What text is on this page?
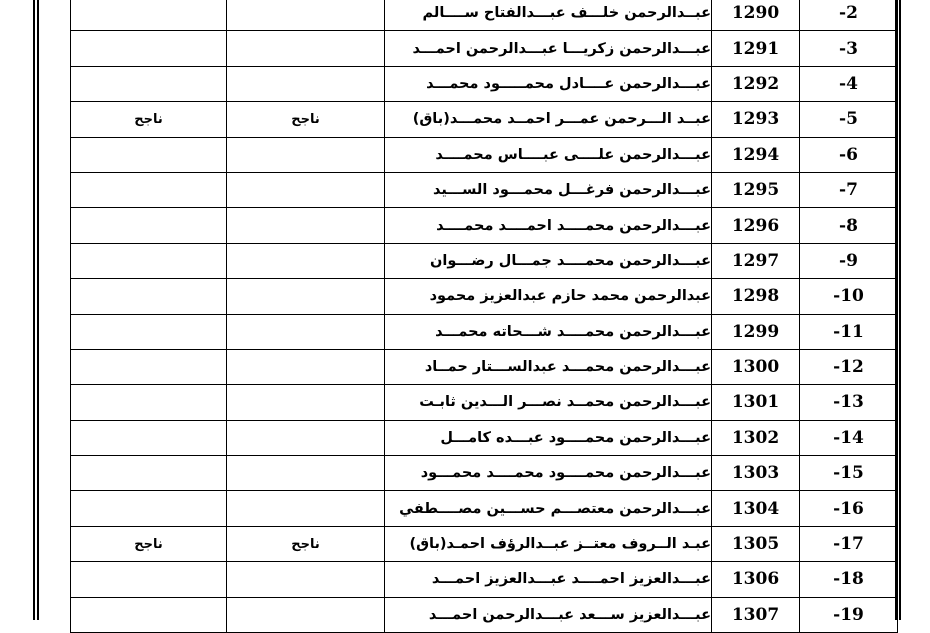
		عبــدالرحمن خلـــف عبـــدالفتاح ســــالم	1290	-2
		عبـــدالرحمن زكريـــا عبـــدالرحمن احمـــد	1291	-3
		عبـــدالرحمن عــــادل محمـــــود محمـــد	1292	-4
ناجح	ناجح	عبــد الـــرحمن عمـــر احمــد محمـــد(باق)	1293	-5
		عبـــدالرحمن علــــى عبــــاس محمــــد	1294	-6
		عبـــدالرحمن فرغـــل محمـــود الســـيد	1295	-7
		عبـــدالرحمن محمــــد احمــــد محمــــد	1296	-8
		عبـــدالرحمن محمــــد جمـــال رضـــوان	1297	-9
		عبدالرحمن محمد حازم عبدالعزيز محمود	1298	-10
		عبـــدالرحمن محمــــد شـــحاته محمـــد	1299	-11
		عبـــدالرحمن محمـــد عبدالســـتار حمــاد	1300	-12
		عبـــدالرحمن محمــد نصـــر الـــدين ثابـت	1301	-13
		عبـــدالرحمن محمــــود عبـــده كامـــل	1302	-14
		عبـــدالرحمن محمــــود محمــــد محمـــود	1303	-15
		عبـــدالرحمن معتصـــم حســـين مصــــطفي	1304	-16
ناجح	ناجح	عبـد الــروف معتــز عبــدالرؤف احمـد(باق)	1305	-17
		عبـــدالعزيز احمــــد عبـــدالعزيز احمـــد	1306	-18
		عبـــدالعزيز ســـعد عبـــدالرحمن احمـــد	1307	-19
